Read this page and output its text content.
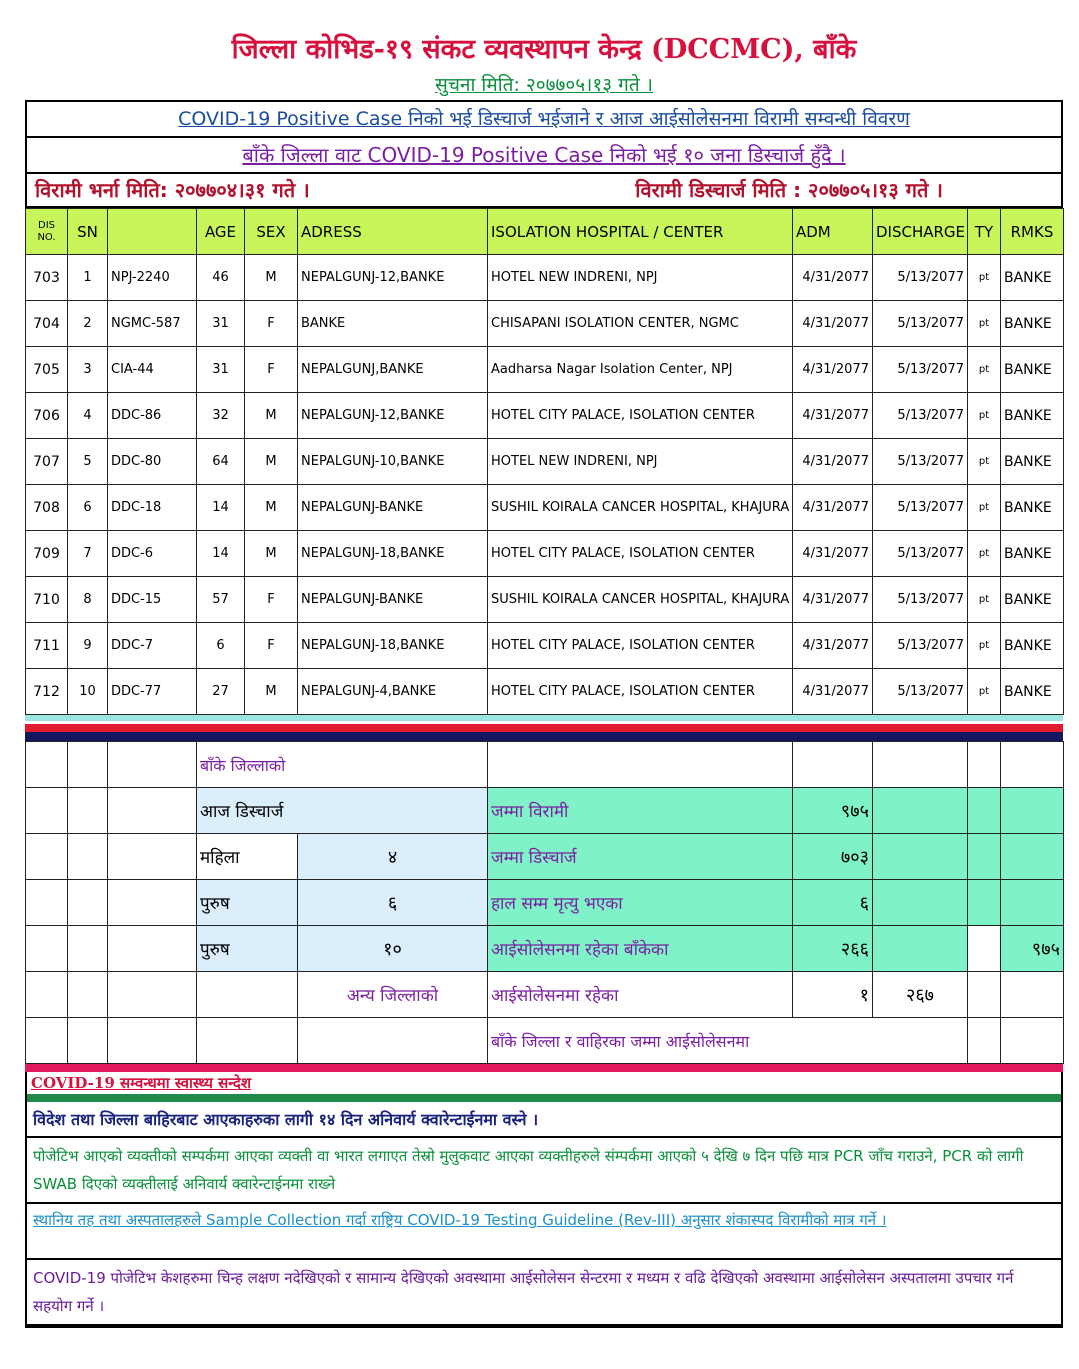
जिल्ला कोभिड-१९ संकट व्यवस्थापन केन्द्र (DCCMC), बाँके
सुचना मिति: २०७७०५।१३ गते ।
COVID-19 Positive Case निको भई डिस्चार्ज भईजाने र आज आईसोलेसनमा विरामी सम्वन्धी विवरण
बाँके जिल्ला वाट COVID-19 Positive Case निको भई १० जना डिस्चार्ज हुँदै ।
विरामी भर्ना मिति: २०७७०४।३१ गते ।	विरामी डिस्चार्ज मिति : २०७७०५।१३ गते ।
DIS NO.	SN		AGE	SEX	ADRESS	ISOLATION HOSPITAL / CENTER	ADM	DISCHARGE	TY	RMKS
703	1	NPJ-2240	46	M	NEPALGUNJ-12,BANKE	HOTEL NEW INDRENI, NPJ	4/31/2077	5/13/2077	pt	BANKE
704	2	NGMC-587	31	F	BANKE	CHISAPANI ISOLATION CENTER, NGMC	4/31/2077	5/13/2077	pt	BANKE
705	3	CIA-44	31	F	NEPALGUNJ,BANKE	Aadharsa Nagar Isolation Center, NPJ	4/31/2077	5/13/2077	pt	BANKE
706	4	DDC-86	32	M	NEPALGUNJ-12,BANKE	HOTEL CITY PALACE, ISOLATION CENTER	4/31/2077	5/13/2077	pt	BANKE
707	5	DDC-80	64	M	NEPALGUNJ-10,BANKE	HOTEL NEW INDRENI, NPJ	4/31/2077	5/13/2077	pt	BANKE
708	6	DDC-18	14	M	NEPALGUNJ-BANKE	SUSHIL KOIRALA CANCER HOSPITAL, KHAJURA	4/31/2077	5/13/2077	pt	BANKE
709	7	DDC-6	14	M	NEPALGUNJ-18,BANKE	HOTEL CITY PALACE, ISOLATION CENTER	4/31/2077	5/13/2077	pt	BANKE
710	8	DDC-15	57	F	NEPALGUNJ-BANKE	SUSHIL KOIRALA CANCER HOSPITAL, KHAJURA	4/31/2077	5/13/2077	pt	BANKE
711	9	DDC-7	6	F	NEPALGUNJ-18,BANKE	HOTEL CITY PALACE, ISOLATION CENTER	4/31/2077	5/13/2077	pt	BANKE
712	10	DDC-77	27	M	NEPALGUNJ-4,BANKE	HOTEL CITY PALACE, ISOLATION CENTER	4/31/2077	5/13/2077	pt	BANKE
			बाँके जिल्लाको						
			आज डिस्चार्ज		जम्मा विरामी	९७५			
			महिला	४	जम्मा डिस्चार्ज	७०३			
			पुरुष	६	हाल सम्म मृत्यु भएका	६			
			पुरुष	१०	आईसोलेसनमा रहेका बाँकेका	२६६			९७५
				अन्य जिल्लाको	आईसोलेसनमा रहेका	१	२६७		
					बाँके जिल्ला र वाहिरका जम्मा आईसोलेसनमा				
COVID-19 सम्वन्धमा स्वास्थ्य सन्देश
विदेश तथा जिल्ला बाहिरबाट आएकाहरुका लागी १४ दिन अनिवार्य क्वारेन्टाईनमा वस्ने ।
पोजेटिभ आएको व्यक्तीको सम्पर्कमा आएका व्यक्ती वा भारत लगाएत तेस्रो मुलुकवाट आएका व्यक्तीहरुले संम्पर्कमा आएको ५ देखि ७ दिन पछि मात्र PCR जाँच गराउने, PCR को लागी SWAB दिएको व्यक्तीलाई अनिवार्य क्वारेन्टाईनमा राख्ने
स्थानिय तह तथा अस्पतालहरुले Sample Collection गर्दा राष्ट्रिय COVID-19 Testing Guideline (Rev-III) अनुसार शंकास्पद विरामीको मात्र गर्ने ।
COVID-19 पोजेटिभ केशहरुमा चिन्ह लक्षण नदेखिएको र सामान्य देखिएको अवस्थामा आईसोलेसन सेन्टरमा र मध्यम र वढि देखिएको अवस्थामा आईसोलेसन अस्पतालमा उपचार गर्न सहयोग गर्ने ।
